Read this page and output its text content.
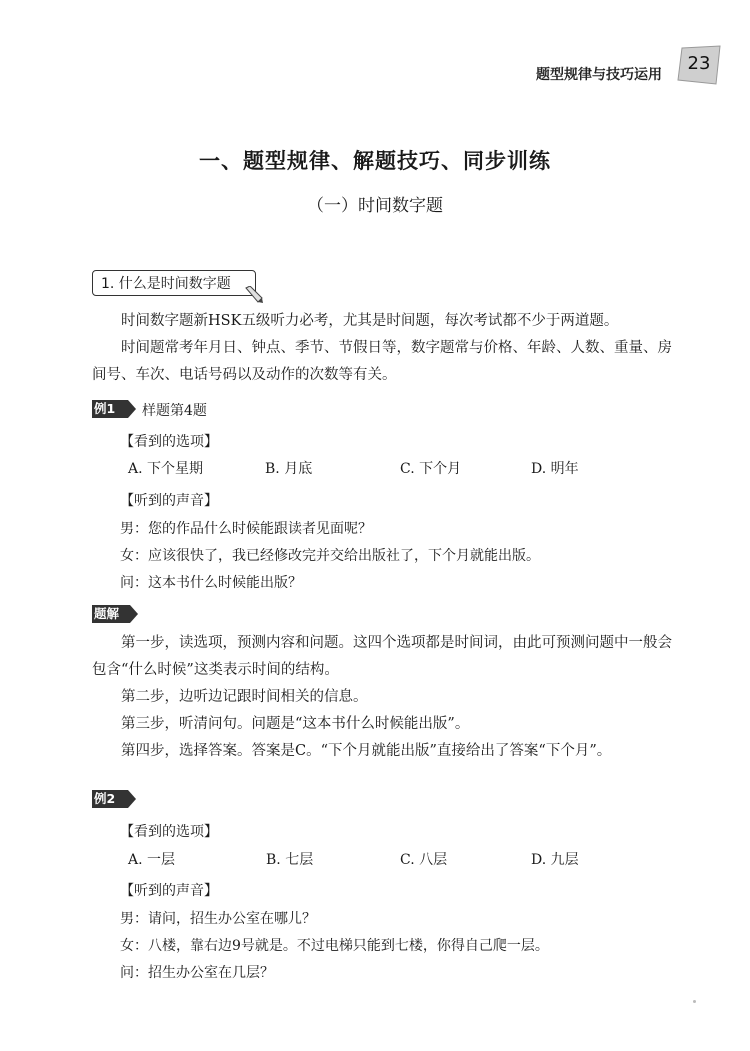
题型规律与技巧运用
23
一、题型规律、解题技巧、同步训练
（一）时间数字题
1. 什么是时间数字题
时间数字题新HSK五级听力必考，尤其是时间题，每次考试都不少于两道题。
时间题常考年月日、钟点、季节、节假日等，数字题常与价格、年龄、人数、重量、房间号、车次、电话号码以及动作的次数等有关。
例1 样题第4题
【看到的选项】
A. 下个星期	B. 月底	C. 下个月	D. 明年
【听到的声音】
男：您的作品什么时候能跟读者见面呢？
女：应该很快了，我已经修改完并交给出版社了，下个月就能出版。
问：这本书什么时候能出版？
题解
第一步，读选项，预测内容和问题。这四个选项都是时间词，由此可预测问题中一般会包含“什么时候”这类表示时间的结构。
第二步，边听边记跟时间相关的信息。
第三步，听清问句。问题是“这本书什么时候能出版”。
第四步，选择答案。答案是C。“下个月就能出版”直接给出了答案“下个月”。
例2
【看到的选项】
A. 一层	B. 七层	C. 八层	D. 九层
【听到的声音】
男：请问，招生办公室在哪儿？
女：八楼，靠右边9号就是。不过电梯只能到七楼，你得自己爬一层。
问：招生办公室在几层？
